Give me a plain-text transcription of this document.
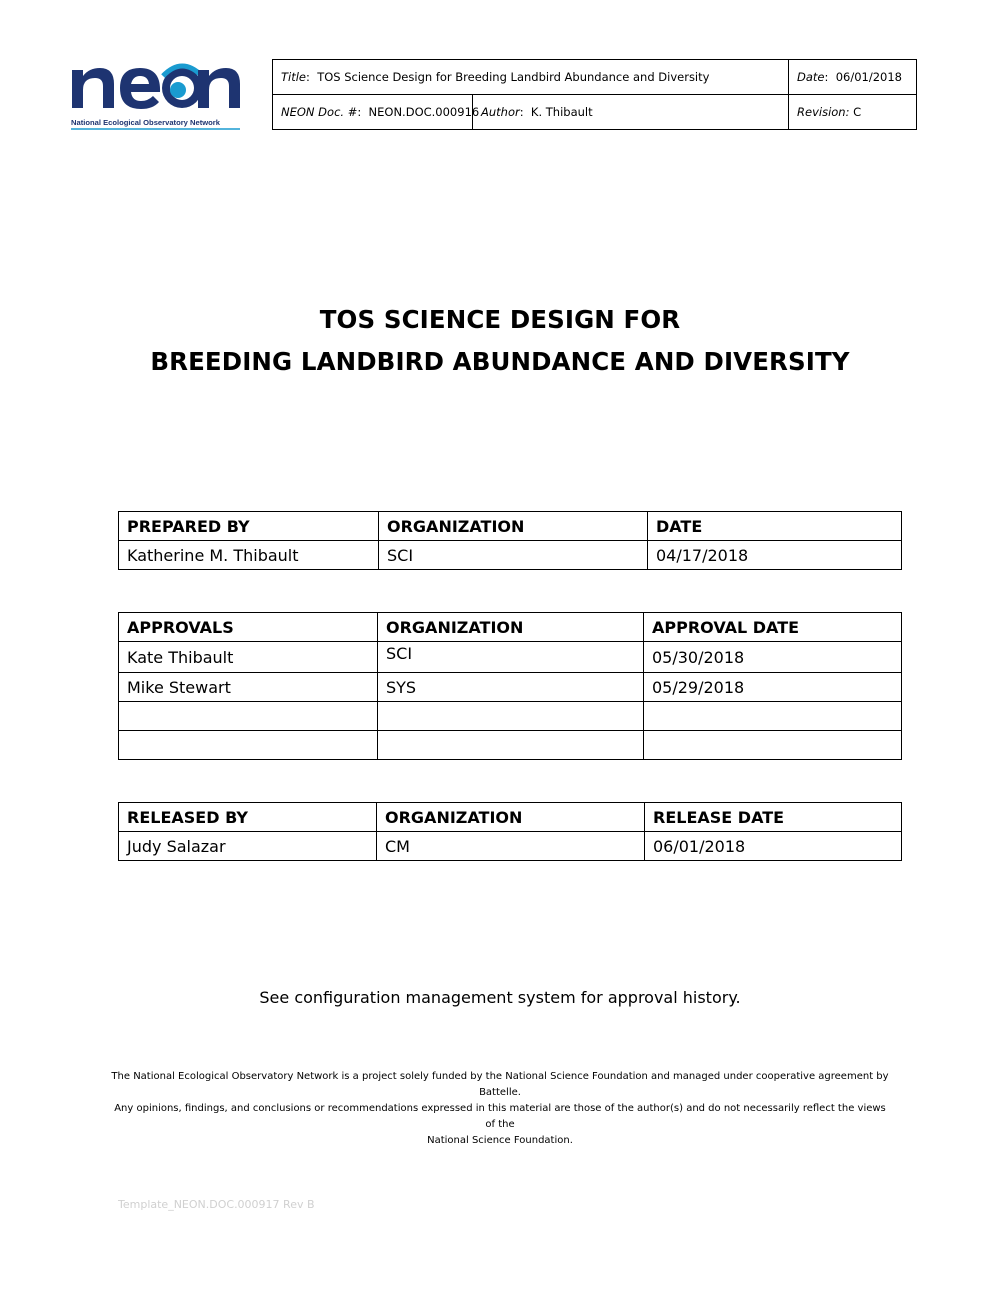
National Ecological Observatory Network
Title:  TOS Science Design for Breeding Landbird Abundance and Diversity		Date:  06/01/2018
NEON Doc. #:  NEON.DOC.000916	Author:  K. Thibault	Revision: C
TOS SCIENCE DESIGN FOR
BREEDING LANDBIRD ABUNDANCE AND DIVERSITY
PREPARED BY	ORGANIZATION	DATE
Katherine M. Thibault	SCI	04/17/2018
APPROVALS	ORGANIZATION	APPROVAL DATE
Kate Thibault	SCI	05/30/2018
Mike Stewart	SYS	05/29/2018

RELEASED BY	ORGANIZATION	RELEASE DATE
Judy Salazar	CM	06/01/2018
See configuration management system for approval history.
The National Ecological Observatory Network is a project solely funded by the National Science Foundation and managed under cooperative agreement by Battelle.
Any opinions, findings, and conclusions or recommendations expressed in this material are those of the author(s) and do not necessarily reflect the views of the
National Science Foundation.
Template_NEON.DOC.000917 Rev B
